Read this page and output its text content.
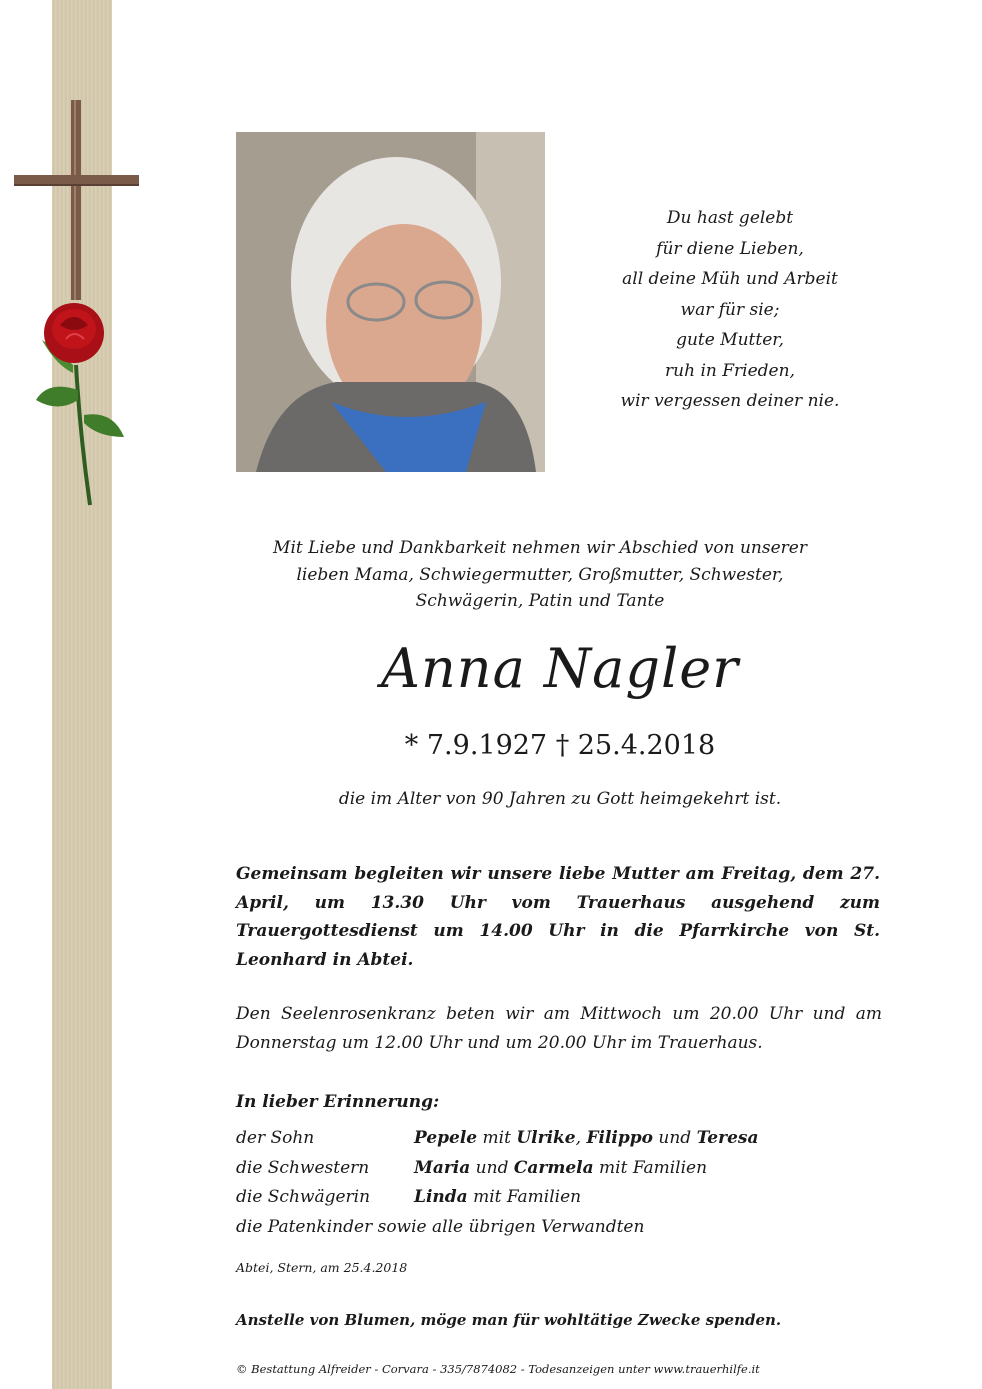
Du hast gelebt
für diene Lieben,
all deine Müh und Arbeit
war für sie;
gute Mutter,
ruh in Frieden,
wir vergessen deiner nie.
Mit Liebe und Dankbarkeit nehmen wir Abschied von unserer
lieben Mama, Schwiegermutter, Großmutter, Schwester,
Schwägerin, Patin und Tante
Anna Nagler
* 7.9.1927 † 25.4.2018
die im Alter von 90 Jahren zu Gott heimgekehrt ist.
Gemeinsam begleiten wir unsere liebe Mutter am Freitag, dem 27. April, um 13.30 Uhr vom Trauerhaus ausgehend zum Trauergottesdienst um 14.00 Uhr in die Pfarrkirche von St. Leonhard in Abtei.
Den Seelenrosenkranz beten wir am Mittwoch um 20.00 Uhr und am Donnerstag um 12.00 Uhr und um 20.00 Uhr im Trauerhaus.
In lieber Erinnerung:
der Sohn	Pepele mit Ulrike, Filippo und Teresa
die Schwestern	Maria und Carmela mit Familien
die Schwägerin	Linda mit Familien
die Patenkinder sowie alle übrigen Verwandten
Abtei, Stern, am 25.4.2018
Anstelle von Blumen, möge man für wohltätige Zwecke spenden.
© Bestattung Alfreider - Corvara - 335/7874082 - Todesanzeigen unter www.trauerhilfe.it
